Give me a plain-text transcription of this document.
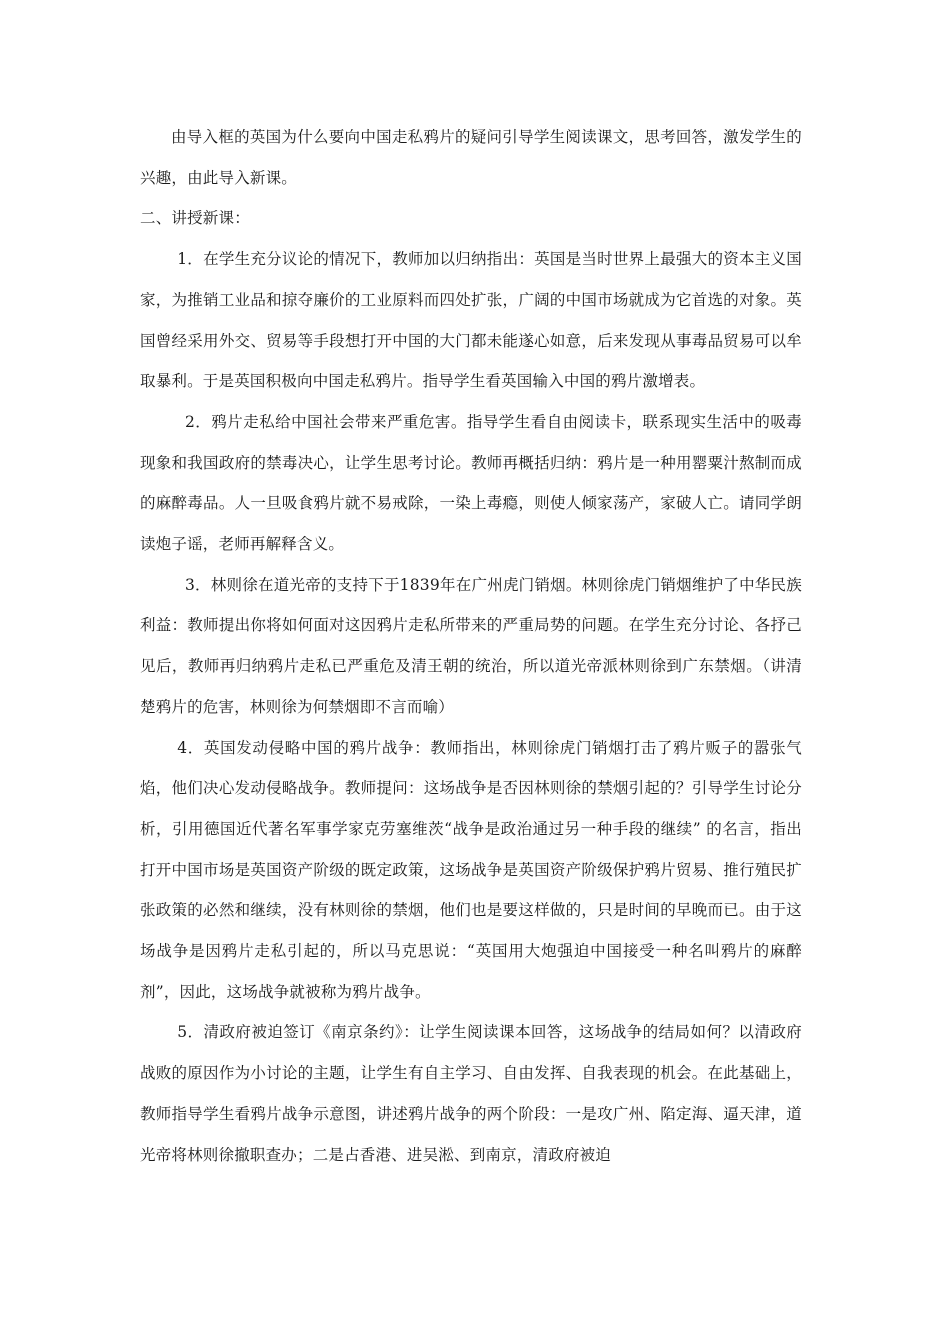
由导入框的英国为什么要向中国走私鸦片的疑问引导学生阅读课文，思考回答，激发学生的兴趣，由此导入新课。

二、讲授新课：

1．在学生充分议论的情况下，教师加以归纳指出：英国是当时世界上最强大的资本主义国家，为推销工业品和掠夺廉价的工业原料而四处扩张，广阔的中国市场就成为它首选的对象。英国曾经采用外交、贸易等手段想打开中国的大门都未能遂心如意，后来发现从事毒品贸易可以牟取暴利。于是英国积极向中国走私鸦片。指导学生看英国输入中国的鸦片激增表。

2．鸦片走私给中国社会带来严重危害。指导学生看自由阅读卡，联系现实生活中的吸毒现象和我国政府的禁毒决心，让学生思考讨论。教师再概括归纳：鸦片是一种用罂粟汁熬制而成的麻醉毒品。人一旦吸食鸦片就不易戒除，一染上毒瘾，则使人倾家荡产，家破人亡。请同学朗读炮子谣，老师再解释含义。

3．林则徐在道光帝的支持下于1839年在广州虎门销烟。林则徐虎门销烟维护了中华民族利益：教师提出你将如何面对这因鸦片走私所带来的严重局势的问题。在学生充分讨论、各抒己见后，教师再归纳鸦片走私已严重危及清王朝的统治，所以道光帝派林则徐到广东禁烟。（讲清楚鸦片的危害，林则徐为何禁烟即不言而喻）

4．英国发动侵略中国的鸦片战争：教师指出，林则徐虎门销烟打击了鸦片贩子的嚣张气焰，他们决心发动侵略战争。教师提问：这场战争是否因林则徐的禁烟引起的？引导学生讨论分析，引用德国近代著名军事学家克劳塞维茨“战争是政治通过另一种手段的继续” 的名言，指出打开中国市场是英国资产阶级的既定政策，这场战争是英国资产阶级保护鸦片贸易、推行殖民扩张政策的必然和继续，没有林则徐的禁烟，他们也是要这样做的，只是时间的早晚而已。由于这场战争是因鸦片走私引起的，所以马克思说：“英国用大炮强迫中国接受一种名叫鸦片的麻醉剂”，因此，这场战争就被称为鸦片战争。

5．清政府被迫签订《南京条约》：让学生阅读课本回答，这场战争的结局如何？以清政府战败的原因作为小讨论的主题，让学生有自主学习、自由发挥、自我表现的机会。在此基础上，教师指导学生看鸦片战争示意图，讲述鸦片战争的两个阶段：一是攻广州、陷定海、逼天津，道光帝将林则徐撤职查办；二是占香港、进吴淞、到南京，清政府被迫
